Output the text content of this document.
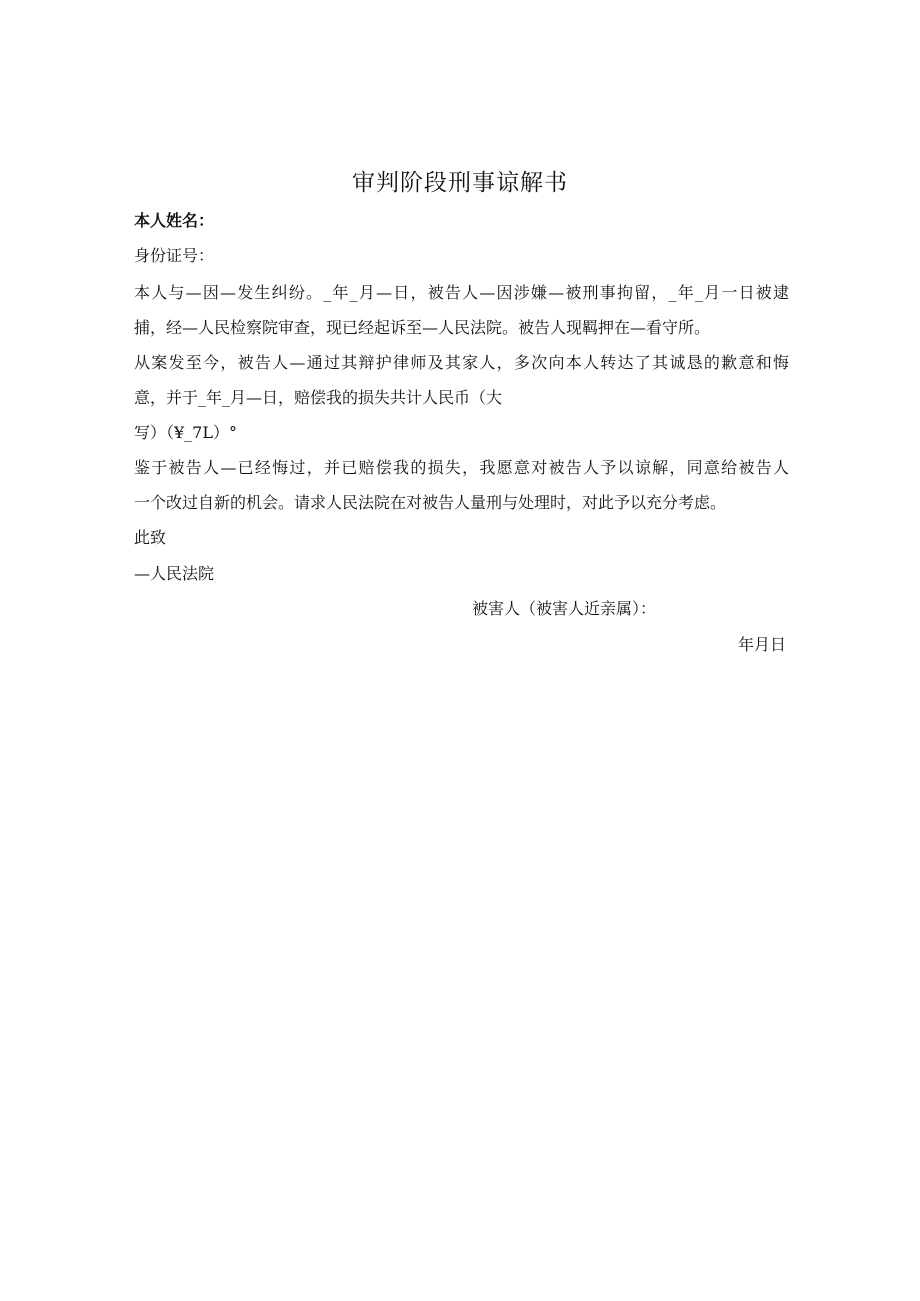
审判阶段刑事谅解书
本人姓名：
身份证号：
本人与—因—发生纠纷。_年_月—日，被告人—因涉嫌—被刑事拘留，_年_月一日被逮
捕，经—人民检察院审查，现已经起诉至—人民法院。被告人现羁押在—看守所。
从案发至今，被告人—通过其辩护律师及其家人，多次向本人转达了其诚恳的歉意和悔
意，并于_年_月—日，赔偿我的损失共计人民币（大
写）（¥_7L）°
鉴于被告人—已经悔过，并已赔偿我的损失，我愿意对被告人予以谅解，同意给被告人
一个改过自新的机会。请求人民法院在对被告人量刑与处理时，对此予以充分考虑。
此致
—人民法院
被害人（被害人近亲属）：
年月日
